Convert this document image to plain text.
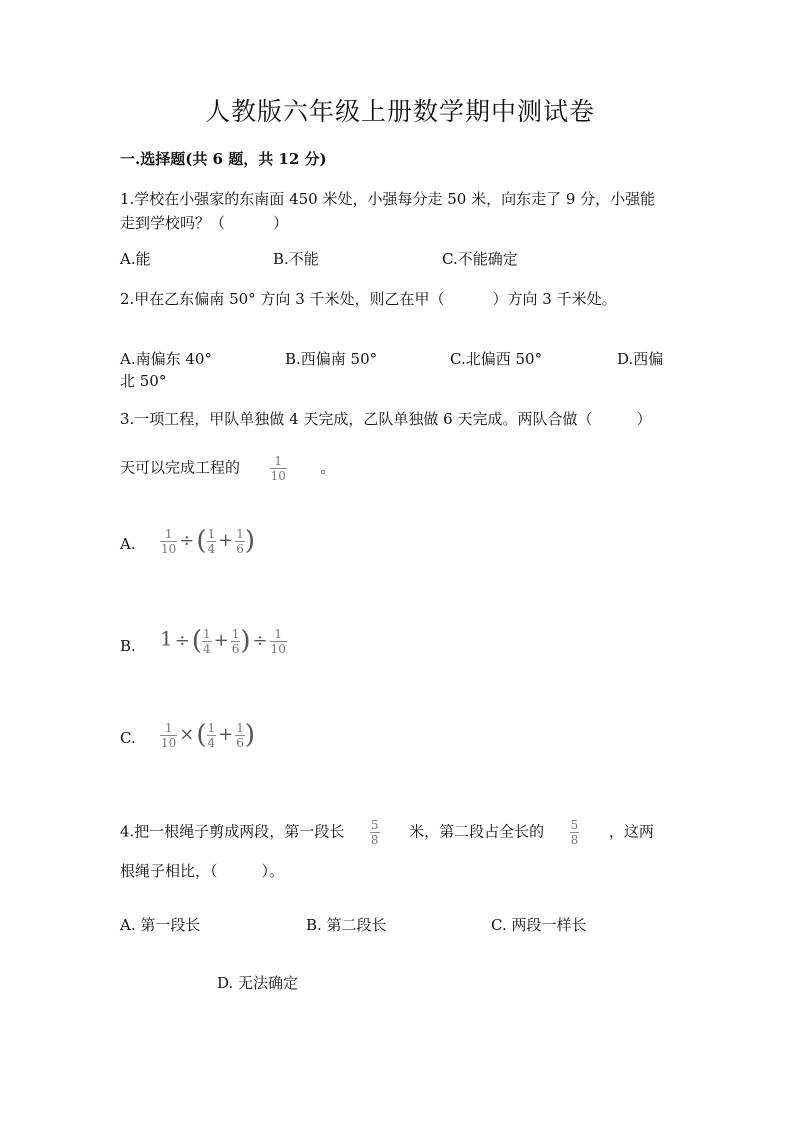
人教版六年级上册数学期中测试卷
一.选择题(共 6 题，共 12 分)
1.学校在小强家的东南面 450 米处，小强每分走 50 米，向东走了 9 分，小强能
走到学校吗？（	）
A.能	B.不能	C.不能确定
2.甲在乙东偏南 50° 方向 3 千米处，则乙在甲（	）方向 3 千米处。
A.南偏东 40°	B.西偏南 50°	C.北偏西 50°	D.西偏
北 50°
3.一项工程，甲队单独做 4 天完成，乙队单独做 6 天完成。两队合做（	）
天可以完成工程的 $\frac{1}{10}$ 。
A. $\frac{1}{10}$ ÷( $\frac{1}{4} + \frac{1}{6}$ )
B. 1 ÷( $\frac{1}{4} + \frac{1}{6}$ ) ÷ $\frac{1}{10}$
C. $\frac{1}{10}$ ×( $\frac{1}{4} + \frac{1}{6}$ )
4.把一根绳子剪成两段，第一段长 $\frac{5}{8}$ 米，第二段占全长的 $\frac{5}{8}$ ，这两
根绳子相比，（	）。
A. 第一段长	B. 第二段长	C. 两段一样长
D. 无法确定
